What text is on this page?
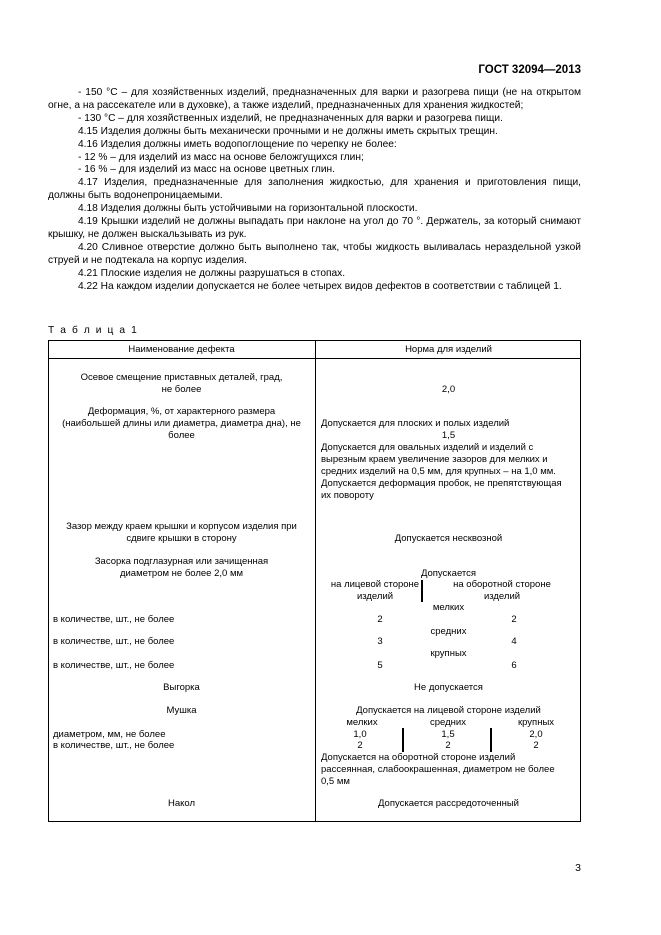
ГОСТ 32094—2013

- 150 °С – для хозяйственных изделий, предназначенных для варки и разогрева пищи (не на открытом огне, а на рассекателе или в духовке), а также изделий, предназначенных для хранения жидкостей;

- 130 °С – для хозяйственных изделий, не предназначенных для варки и разогрева пищи.

4.15 Изделия должны быть механически прочными и не должны иметь скрытых трещин.

4.16 Изделия должны иметь водопоглощение по черепку не более:

- 12 % – для изделий из масс на основе беложгущихся глин;

- 16 % – для изделий из масс на основе цветных глин.

4.17 Изделия, предназначенные для заполнения жидкостью, для хранения и приготовления пищи, должны быть водонепроницаемыми.

4.18 Изделия должны быть устойчивыми на горизонтальной плоскости.

4.19 Крышки изделий не должны выпадать при наклоне на угол до 70 °. Держатель, за который снимают крышку, не должен выскальзывать из рук.

4.20 Сливное отверстие должно быть выполнено так, чтобы жидкость выливалась нераздельной узкой струей и не подтекала на корпус изделия.

4.21 Плоские изделия не должны разрушаться в стопах.

4.22 На каждом изделии допускается не более четырех видов дефектов в соответствии с таблицей 1.

Т а б л и ц а 1
Наименование дефекта	Норма для изделий
Осевое смещение приставных деталей, град,
не более	2,0
Деформация, %, от характерного размера
(наибольшей длины или диаметра, диаметра дна), не
более
Допускается для плоских и полых изделий
1,5
Допускается для овальных изделий и изделий с
вырезным краем увеличение зазоров для мелких и
средних изделий на 0,5 мм, для крупных – на 1,0 мм.
Допускается деформация пробок, не препятствующая
их повороту
Зазор между краем крышки и корпусом изделия при
сдвиге крышки в сторону	Допускается несквозной
Засорка подглазурная или зачищенная
диаметром не более 2,0 мм	Допускается
на лицевой стороне	на оборотной стороне
изделий	изделий
мелких
в количестве, шт., не более	2	2
средних
в количестве, шт., не более	3	4
крупных
в количестве, шт., не более	5	6
Выгорка	Не допускается
Мушка	Допускается на лицевой стороне изделий
мелких	средних	крупных
диаметром, мм, не более	1,0	1,5	2,0
в количестве, шт., не более	2	2	2
Допускается на оборотной стороне изделий
рассеянная, слабоокрашенная, диаметром не более
0,5 мм
Накол	Допускается рассредоточенный
3
